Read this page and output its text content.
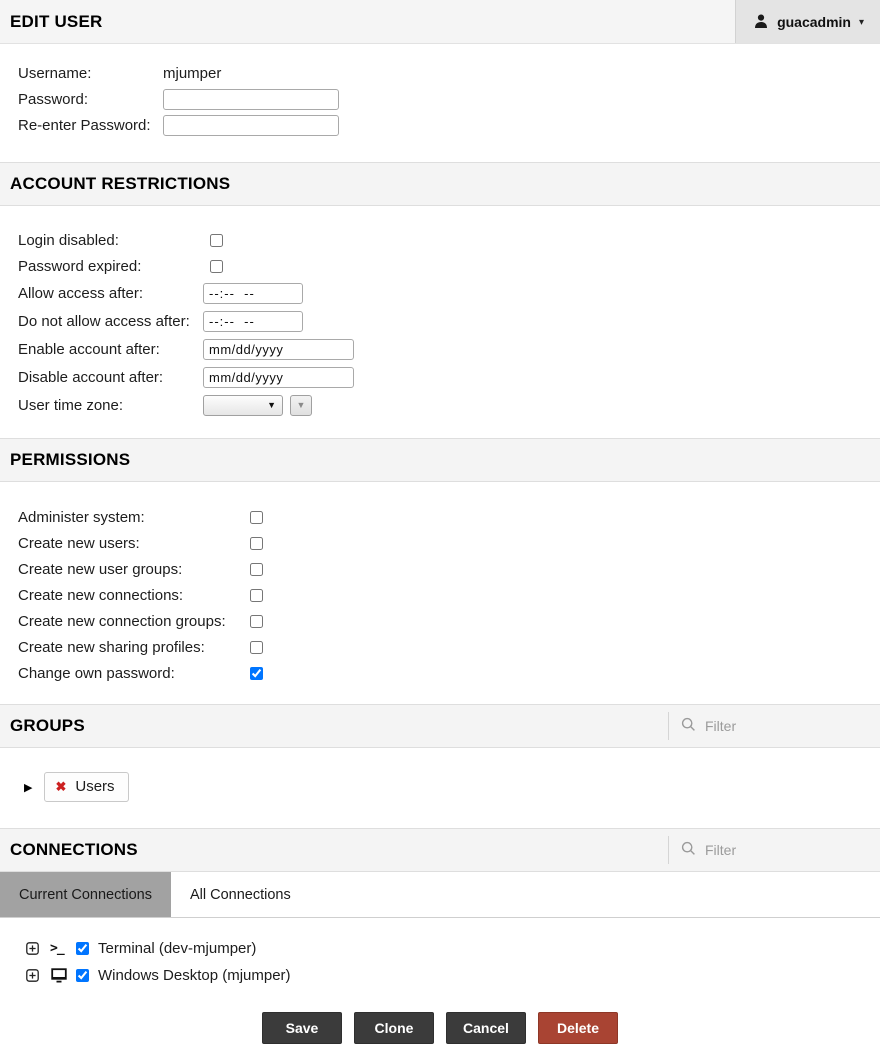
EDIT USER	guacadmin ▾
Username:	mjumper
Password:
Re-enter Password:
ACCOUNT RESTRICTIONS
Login disabled:
Password expired:
Allow access after:
--:-- --
Do not allow access after:
--:-- --
Enable account after:
mm/dd/yyyy
Disable account after:
mm/dd/yyyy
User time zone:	▼ ▼
PERMISSIONS
Administer system:
Create new users:
Create new user groups:
Create new connections:
Create new connection groups:
Create new sharing profiles:
Change own password:
GROUPS
Filter
▶ ✖ Users
CONNECTIONS
Filter
Current Connections	All Connections
>_ Terminal (dev-mjumper)
Windows Desktop (mjumper)
Save	Clone	Cancel	Delete
